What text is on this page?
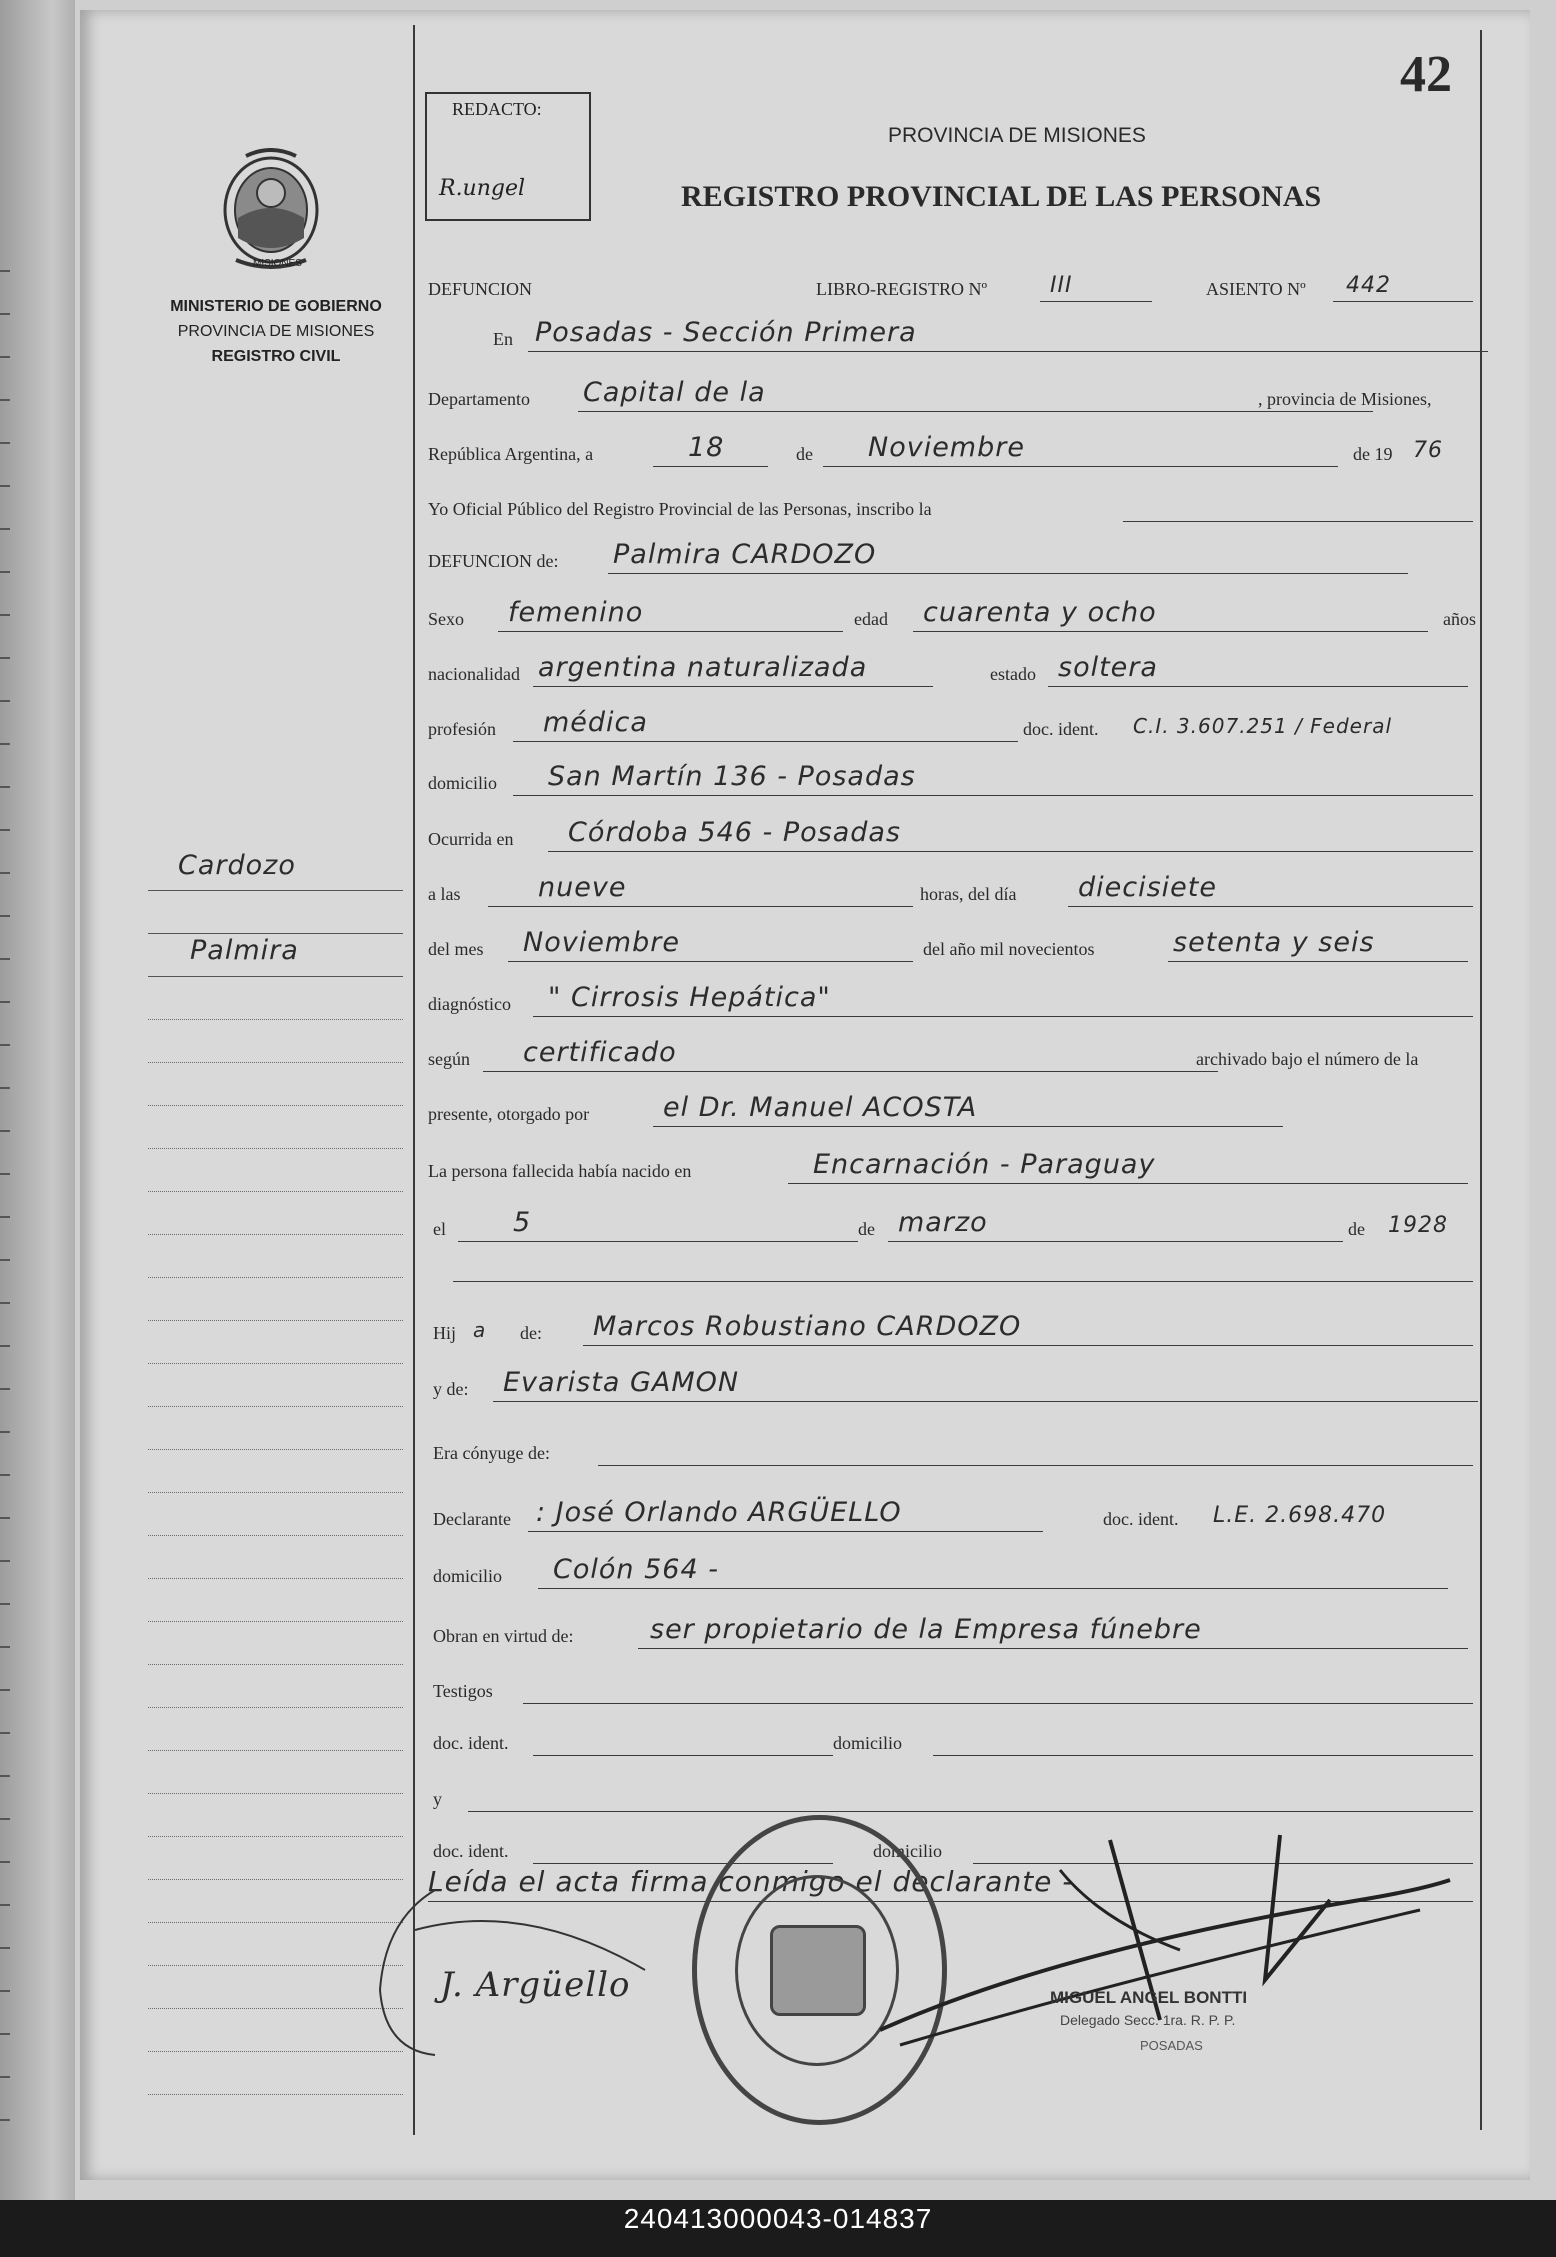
42
REDACTO:
R.ungel
PROVINCIA DE MISIONES
REGISTRO PROVINCIAL DE LAS PERSONAS
MISIONES
MINISTERIO DE GOBIERNO
PROVINCIA DE MISIONES
REGISTRO CIVIL
Cardozo
Palmira
DEFUNCION	LIBRO-REGISTRO Nº	III	ASIENTO Nº 442
En Posadas - Sección Primera
Departamento Capital de la	, provincia de Misiones,
República Argentina, a	18	de Noviembre	de 19 76
Yo Oficial Público del Registro Provincial de las Personas, inscribo la
DEFUNCION de: Palmira CARDOZO
Sexo femenino	edad cuarenta y ocho	años
nacionalidad argentina naturalizada	estado soltera
profesión médica	doc. ident. C.I. 3.607.251 / Federal
domicilio San Martín 136 - Posadas
Ocurrida en Córdoba 546 - Posadas
a las	nueve	horas, del día diecisiete
del mes Noviembre	del año mil novecientos	setenta y seis
diagnóstico " Cirrosis Hepática"
según certificado	archivado bajo el número de la
presente, otorgado por	el Dr. Manuel ACOSTA
La persona fallecida había nacido en	Encarnación - Paraguay
el 5	de marzo	de 1928
Hij a de: Marcos Robustiano CARDOZO
y de: Evarista GAMON
Era cónyuge de:
Declarante : José Orlando ARGÜELLO	doc. ident. L.E. 2.698.470
domicilio Colón 564 -
Obran en virtud de:	ser propietario de la Empresa fúnebre
Testigos
doc. ident.	domicilio
y
doc. ident.	domicilio
Leída el acta firma conmigo el declarante -
J. Argüello	MIGUEL ANGEL BONTTI
Delegado Secc. 1ra. R. P. P.
POSADAS
240413000043-014837
